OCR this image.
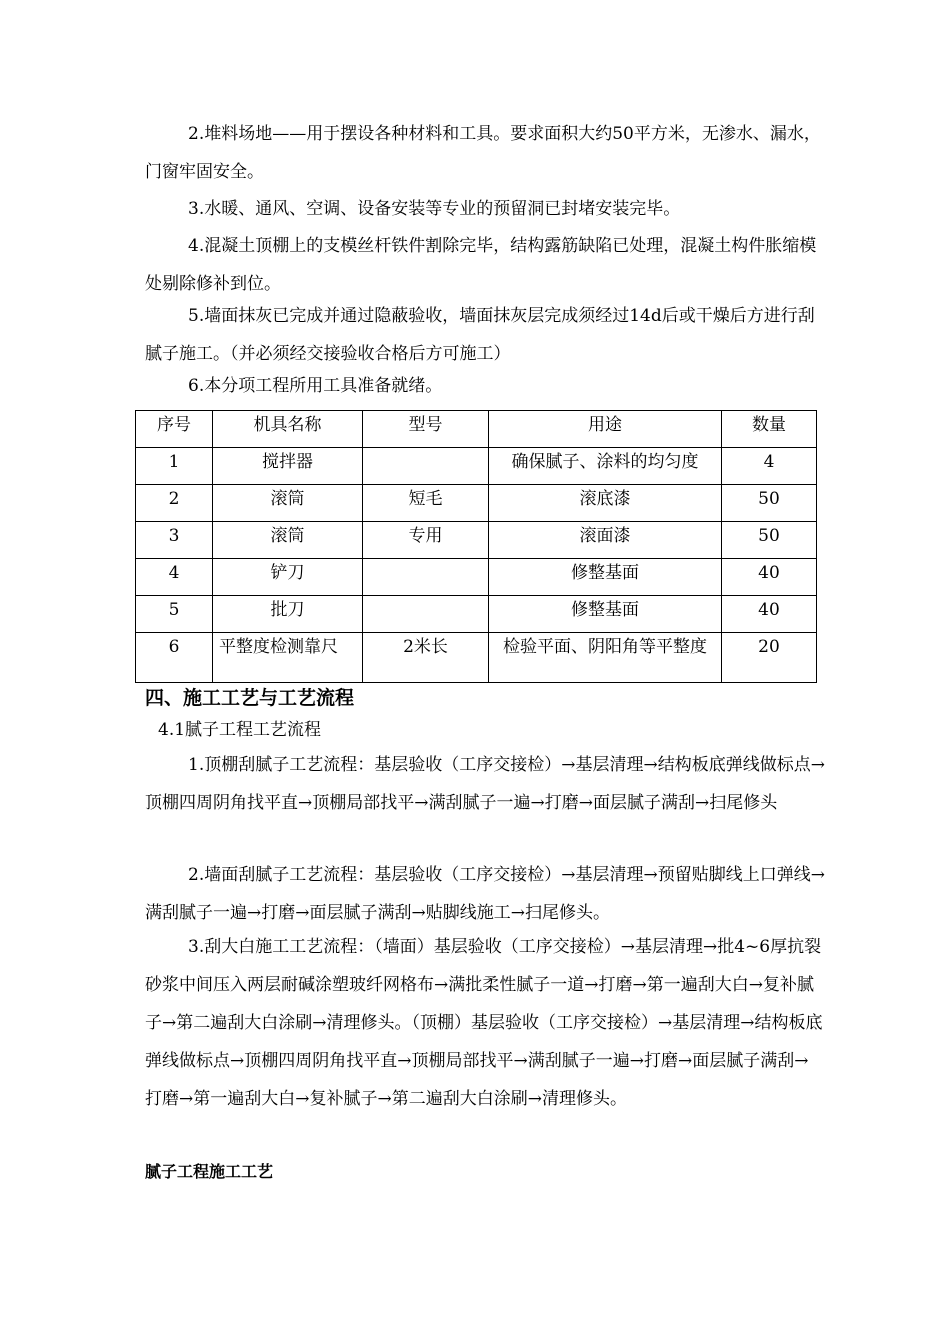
2.堆料场地——用于摆设各种材料和工具。要求面积大约50平方米，无渗水、漏水，门窗牢固安全。

3.水暖、通风、空调、设备安装等专业的预留洞已封堵安装完毕。

4.混凝土顶棚上的支模丝杆铁件割除完毕，结构露筋缺陷已处理，混凝土构件胀缩模处剔除修补到位。

5.墙面抹灰已完成并通过隐蔽验收，墙面抹灰层完成须经过14d后或干燥后方进行刮腻子施工。（并必须经交接验收合格后方可施工）

6.本分项工程所用工具准备就绪。

序号	机具名称	型号	用途	数量
1	搅拌器		确保腻子、涂料的均匀度	4
2	滚筒	短毛	滚底漆	50
3	滚筒	专用	滚面漆	50
4	铲刀		修整基面	40
5	批刀		修整基面	40
6	平整度检测靠尺	2米长	检验平面、阴阳角等平整度	20
四、施工工艺与工艺流程

4.1腻子工程工艺流程

1.顶棚刮腻子工艺流程：基层验收（工序交接检）→基层清理→结构板底弹线做标点→顶棚四周阴角找平直→顶棚局部找平→满刮腻子一遍→打磨→面层腻子满刮→扫尾修头

2.墙面刮腻子工艺流程：基层验收（工序交接检）→基层清理→预留贴脚线上口弹线→满刮腻子一遍→打磨→面层腻子满刮→贴脚线施工→扫尾修头。

3.刮大白施工工艺流程：（墙面）基层验收（工序交接检）→基层清理→批4~6厚抗裂砂浆中间压入两层耐碱涂塑玻纤网格布→满批柔性腻子一道→打磨→第一遍刮大白→复补腻子→第二遍刮大白涂刷→清理修头。（顶棚）基层验收（工序交接检）→基层清理→结构板底弹线做标点→顶棚四周阴角找平直→顶棚局部找平→满刮腻子一遍→打磨→面层腻子满刮→打磨→第一遍刮大白→复补腻子→第二遍刮大白涂刷→清理修头。

腻子工程施工工艺
